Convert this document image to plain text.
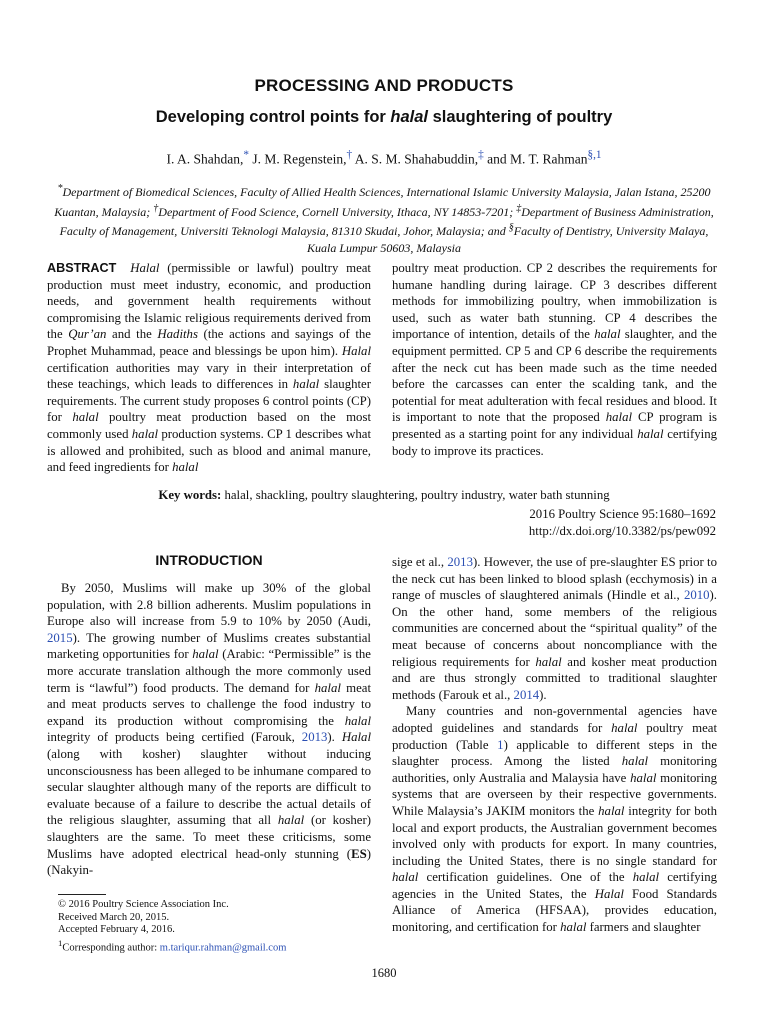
PROCESSING AND PRODUCTS
Developing control points for halal slaughtering of poultry
I. A. Shahdan,* J. M. Regenstein,† A. S. M. Shahabuddin,‡ and M. T. Rahman$^{\S,1}$
*Department of Biomedical Sciences, Faculty of Allied Health Sciences, International Islamic University Malaysia, Jalan Istana, 25200 Kuantan, Malaysia; †Department of Food Science, Cornell University, Ithaca, NY 14853-7201; ‡Department of Business Administration, Faculty of Management, Universiti Teknologi Malaysia, 81310 Skudai, Johor, Malaysia; and §Faculty of Dentistry, University Malaya, Kuala Lumpur 50603, Malaysia
ABSTRACT Halal (permissible or lawful) poultry meat production must meet industry, economic, and production needs, and government health requirements without compromising the Islamic religious requirements derived from the Qur’an and the Hadiths (the actions and sayings of the Prophet Muhammad, peace and blessings be upon him). Halal certification authorities may vary in their interpretation of these teachings, which leads to differences in halal slaughter requirements. The current study proposes 6 control points (CP) for halal poultry meat production based on the most commonly used halal production systems. CP 1 describes what is allowed and prohibited, such as blood and animal manure, and feed ingredients for halal
poultry meat production. CP 2 describes the requirements for humane handling during lairage. CP 3 describes different methods for immobilizing poultry, when immobilization is used, such as water bath stunning. CP 4 describes the importance of intention, details of the halal slaughter, and the equipment permitted. CP 5 and CP 6 describe the requirements after the neck cut has been made such as the time needed before the carcasses can enter the scalding tank, and the potential for meat adulteration with fecal residues and blood. It is important to note that the proposed halal CP program is presented as a starting point for any individual halal certifying body to improve its practices.
Key words: halal, shackling, poultry slaughtering, poultry industry, water bath stunning
2016 Poultry Science 95:1680–1692
http://dx.doi.org/10.3382/ps/pew092
INTRODUCTION

By 2050, Muslims will make up 30% of the global population, with 2.8 billion adherents. Muslim populations in Europe also will increase from 5.9 to 10% by 2050 (Audi, 2015). The growing number of Muslims creates substantial marketing opportunities for halal (Arabic: “Permissible” is the more accurate translation although the more commonly used term is “lawful”) food products. The demand for halal meat and meat products serves to challenge the food industry to expand its production without compromising the halal integrity of products being certified (Farouk, 2013). Halal (along with kosher) slaughter without inducing unconsciousness has been alleged to be inhumane compared to secular slaughter although many of the reports are difficult to evaluate because of a failure to describe the actual details of the religious slaughter, assuming that all halal (or kosher) slaughters are the same. To meet these criticisms, some Muslims have adopted electrical head-only stunning (ES) (Nakyin-

sige et al., 2013). However, the use of pre-slaughter ES prior to the neck cut has been linked to blood splash (ecchymosis) in a range of muscles of slaughtered animals (Hindle et al., 2010). On the other hand, some members of the religious communities are concerned about the “spiritual quality” of the meat because of concerns about noncompliance with the religious requirements for halal and kosher meat production and are thus strongly committed to traditional slaughter methods (Farouk et al., 2014).

Many countries and non-governmental agencies have adopted guidelines and standards for halal poultry meat production (Table 1) applicable to different steps in the slaughter process. Among the listed halal monitoring authorities, only Australia and Malaysia have halal monitoring systems that are overseen by their respective governments. While Malaysia’s JAKIM monitors the halal integrity for both local and export products, the Australian government becomes involved only with products for export. In many countries, including the United States, there is no single standard for halal certification guidelines. One of the halal certifying agencies in the United States, the Halal Food Standards Alliance of America (HFSAA), provides education, monitoring, and certification for halal farmers and slaughter

© 2016 Poultry Science Association Inc.
Received March 20, 2015.
Accepted February 4, 2016.
$^1$Corresponding author: m.tariqur.rahman@gmail.com
1680
